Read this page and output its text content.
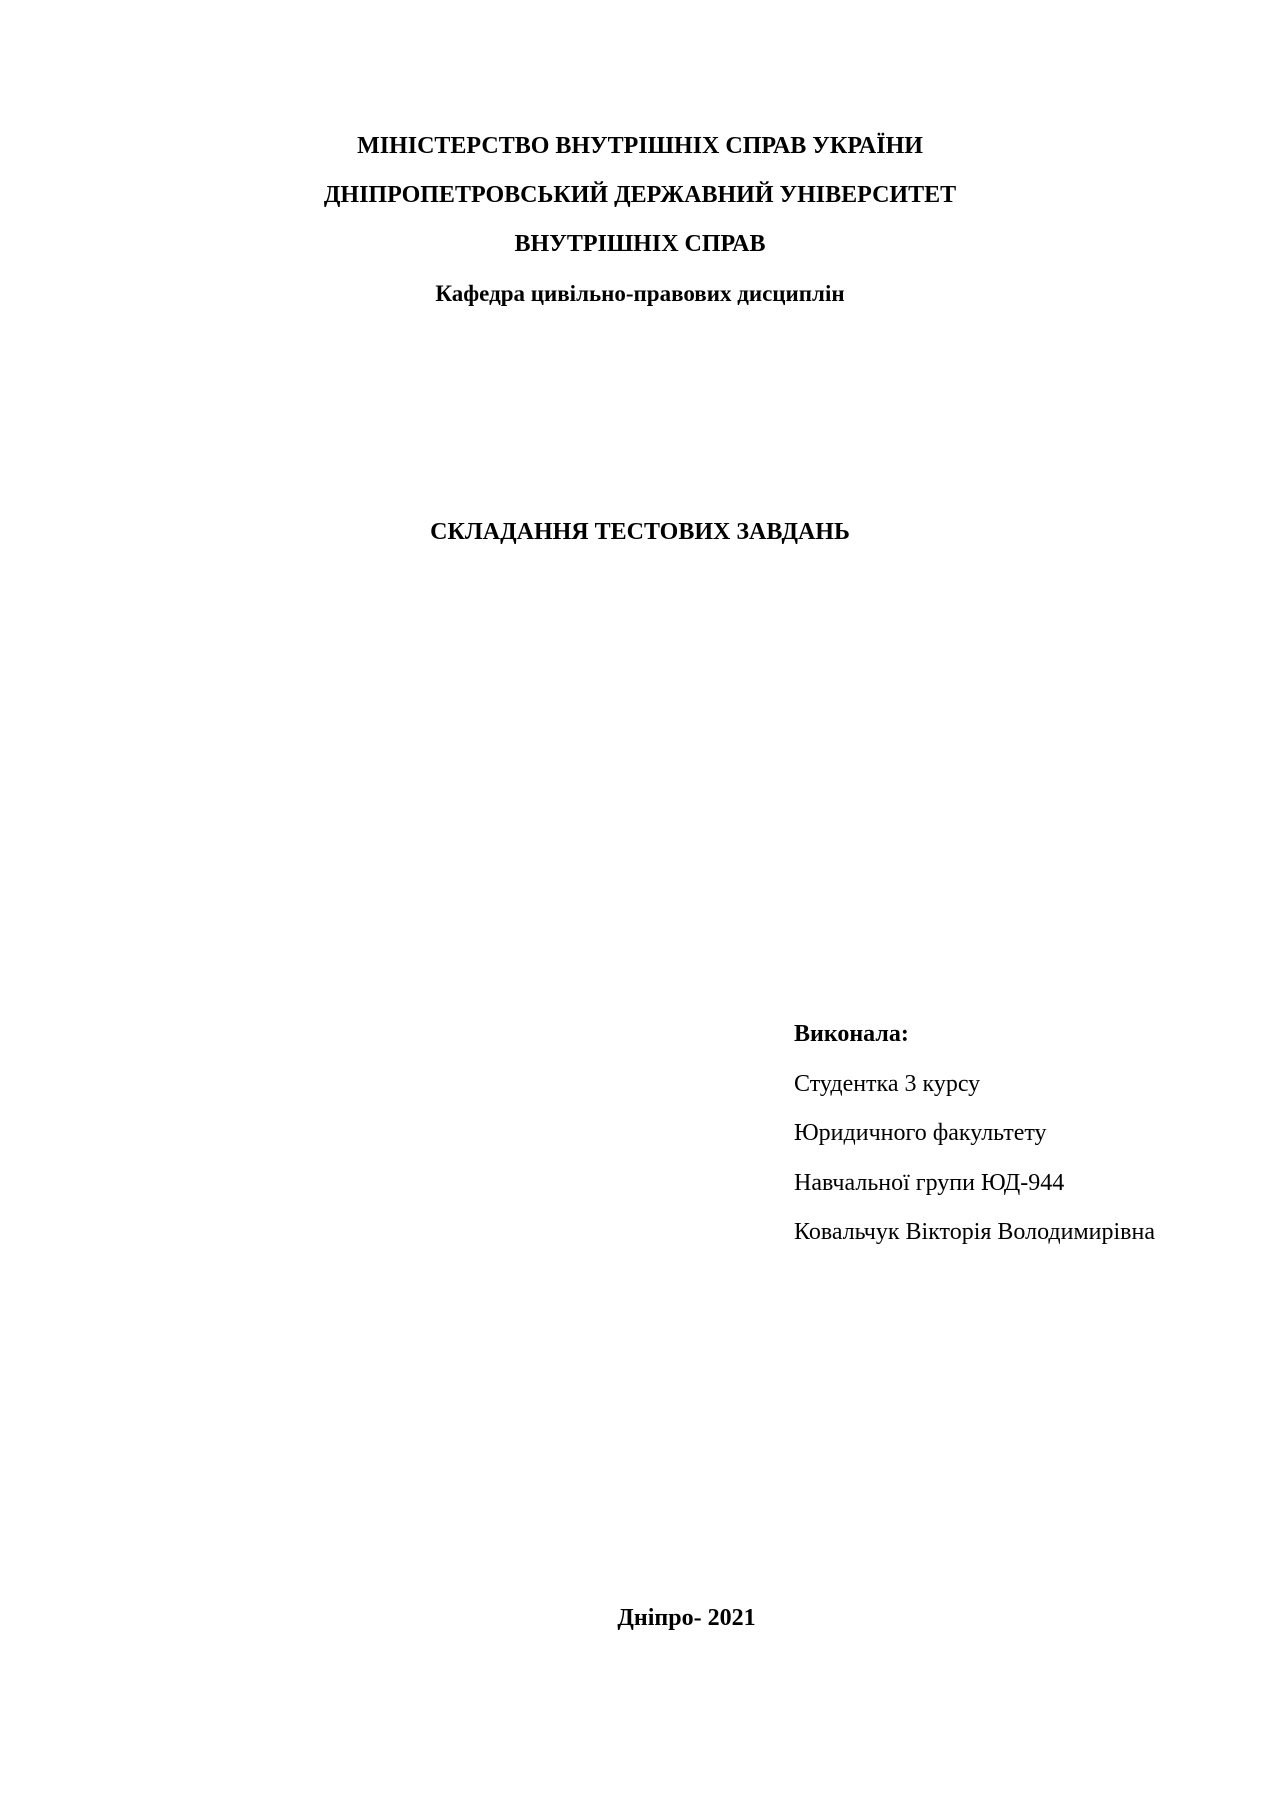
МІНІСТЕРСТВО ВНУТРІШНІХ СПРАВ УКРАЇНИ
ДНІПРОПЕТРОВСЬКИЙ ДЕРЖАВНИЙ УНІВЕРСИТЕТ
ВНУТРІШНІХ СПРАВ
Кафедра цивільно-правових дисциплін
СКЛАДАННЯ ТЕСТОВИХ ЗАВДАНЬ
Виконала:
Студентка 3 курсу
Юридичного факультету
Навчальної групи ЮД-944
Ковальчук Вікторія Володимирівна
Дніпро- 2021
